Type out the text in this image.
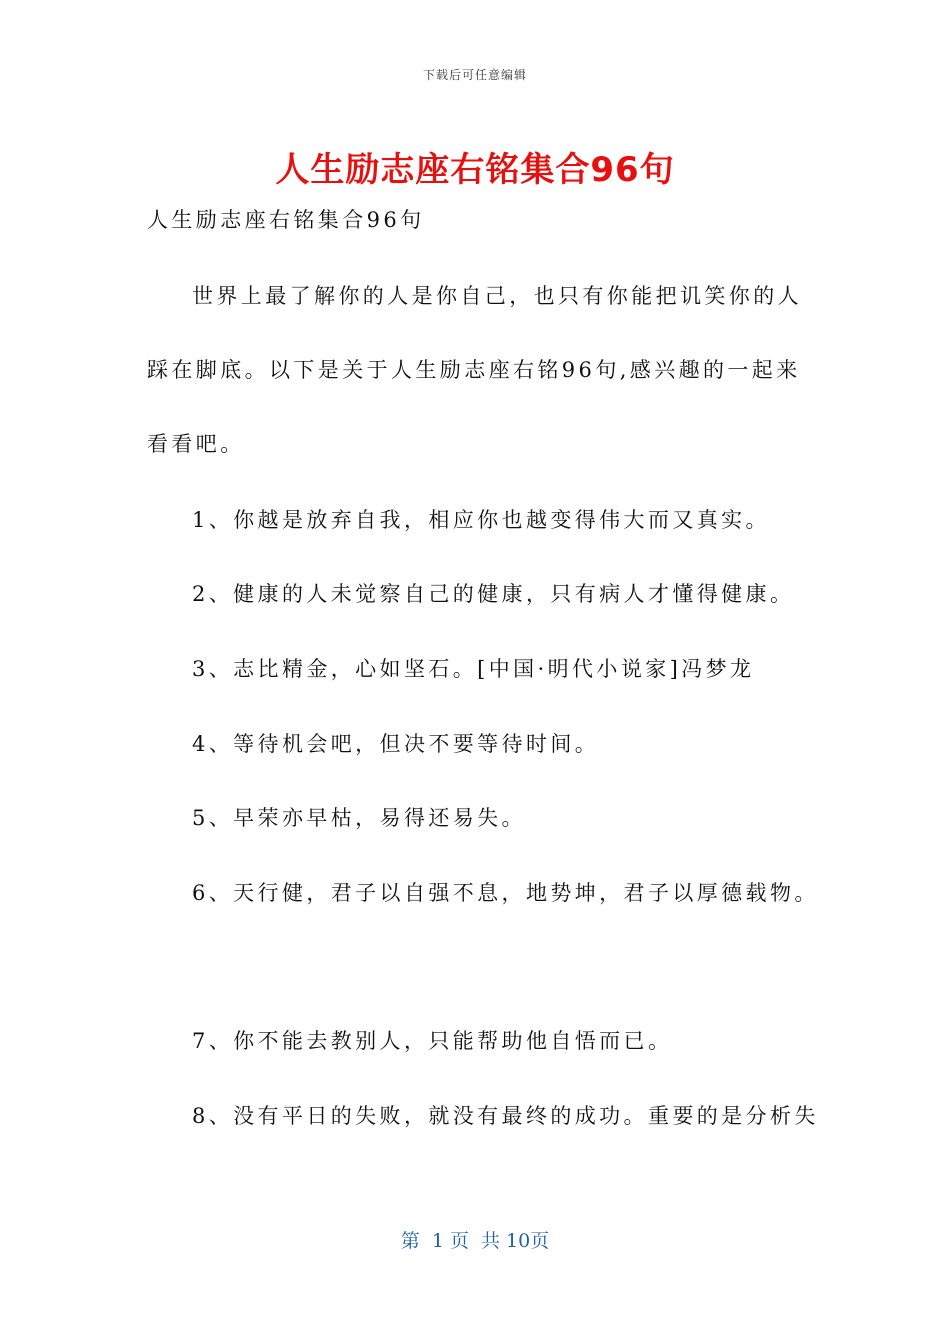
下载后可任意编辑
人生励志座右铭集合96句
人生励志座右铭集合96句
世界上最了解你的人是你自己，也只有你能把讥笑你的人
踩在脚底。以下是关于人生励志座右铭96句,感兴趣的一起来
看看吧。
1、你越是放弃自我，相应你也越变得伟大而又真实。
2、健康的人未觉察自己的健康，只有病人才懂得健康。
3、志比精金，心如坚石。[中国·明代小说家]冯梦龙
4、等待机会吧，但决不要等待时间。
5、早荣亦早枯，易得还易失。
6、天行健，君子以自强不息，地势坤，君子以厚德载物。
7、你不能去教别人，只能帮助他自悟而已。
8、没有平日的失败，就没有最终的成功。重要的是分析失
第  1 页  共 10页
